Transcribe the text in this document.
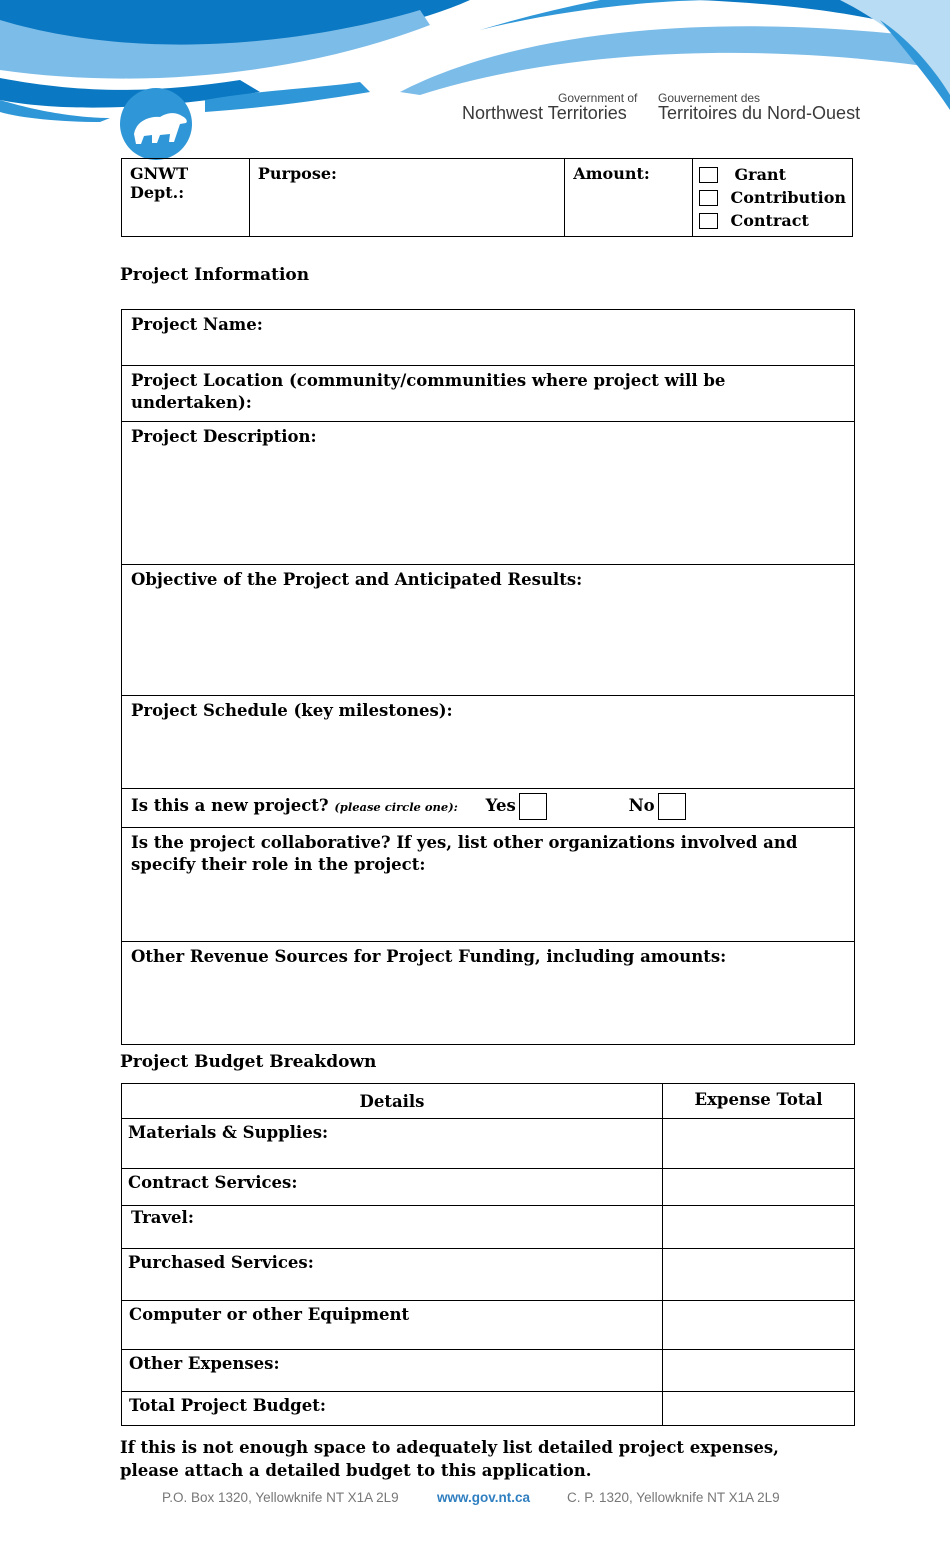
Government of
Northwest Territories
Gouvernement des
Territoires du Nord-Ouest
GNWT Dept.:	Purpose:	Amount:	Grant
Contribution
Contract
Project Information
Project Name:
Project Location (community/communities where project will be undertaken):
Project Description:
Objective of the Project and Anticipated Results:
Project Schedule (key milestones):
Is this a new project? (please circle one): Yes	No
Is the project collaborative? If yes, list other organizations involved and specify their role in the project:
Other Revenue Sources for Project Funding, including amounts:
Project Budget Breakdown
Details	Expense Total
Materials & Supplies:	
Contract Services:	
Travel:	
Purchased Services:	
Computer or other Equipment	
Other Expenses:	
Total Project Budget:	
If this is not enough space to adequately list detailed project expenses,
please attach a detailed budget to this application.
P.O. Box 1320, Yellowknife NT X1A 2L9	www.gov.nt.ca	C. P. 1320, Yellowknife NT X1A 2L9
